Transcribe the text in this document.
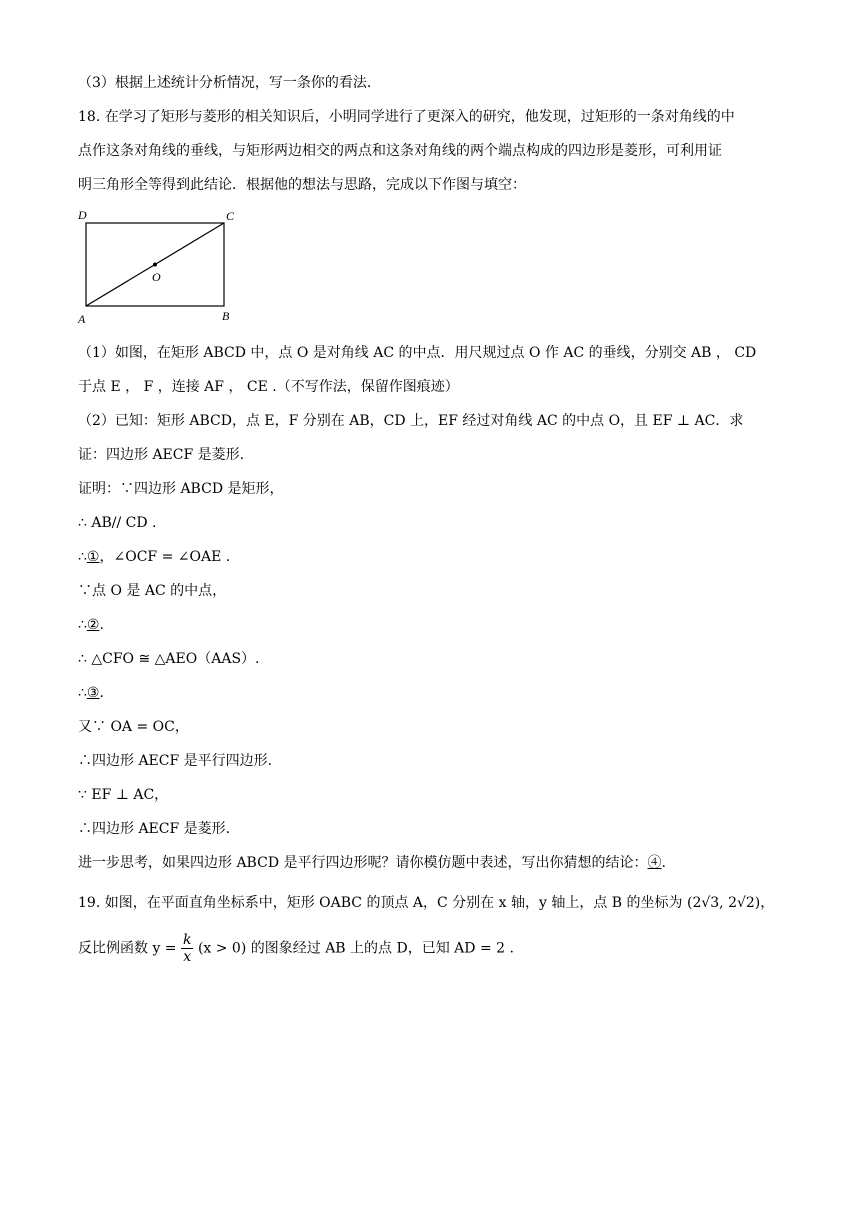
（3）根据上述统计分析情况，写一条你的看法.
18. 在学习了矩形与菱形的相关知识后，小明同学进行了更深入的研究，他发现，过矩形的一条对角线的中
点作这条对角线的垂线，与矩形两边相交的两点和这条对角线的两个端点构成的四边形是菱形，可利用证
明三角形全等得到此结论．根据他的想法与思路，完成以下作图与填空：
D	C
A	B
O
（1）如图，在矩形 ABCD 中，点 O 是对角线 AC 的中点．用尺规过点 O 作 AC 的垂线，分别交 AB ， CD
于点 E ， F ，连接 AF ， CE .（不写作法，保留作图痕迹）
（2）已知：矩形 ABCD，点 E，F 分别在 AB，CD 上，EF 经过对角线 AC 的中点 O，且 EF ⊥ AC．求
证：四边形 AECF 是菱形.
证明：∵四边形 ABCD 是矩形，
∴ AB// CD .
∴①，∠OCF = ∠OAE .
∵点 O 是 AC 的中点，
∴②.
∴ △CFO ≅ △AEO（AAS）.
∴③.
又∵ OA = OC，
∴四边形 AECF 是平行四边形.
∵ EF ⊥ AC，
∴四边形 AECF 是菱形.
进一步思考，如果四边形 ABCD 是平行四边形呢？请你模仿题中表述，写出你猜想的结论：④.
19. 如图，在平面直角坐标系中，矩形 OABC 的顶点 A，C 分别在 x 轴，y 轴上，点 B 的坐标为 (2√3, 2√2)，
反比例函数 $y = \frac{k}{x} (x > 0)$ 的图象经过 AB 上的点 D，已知 AD = 2 .
